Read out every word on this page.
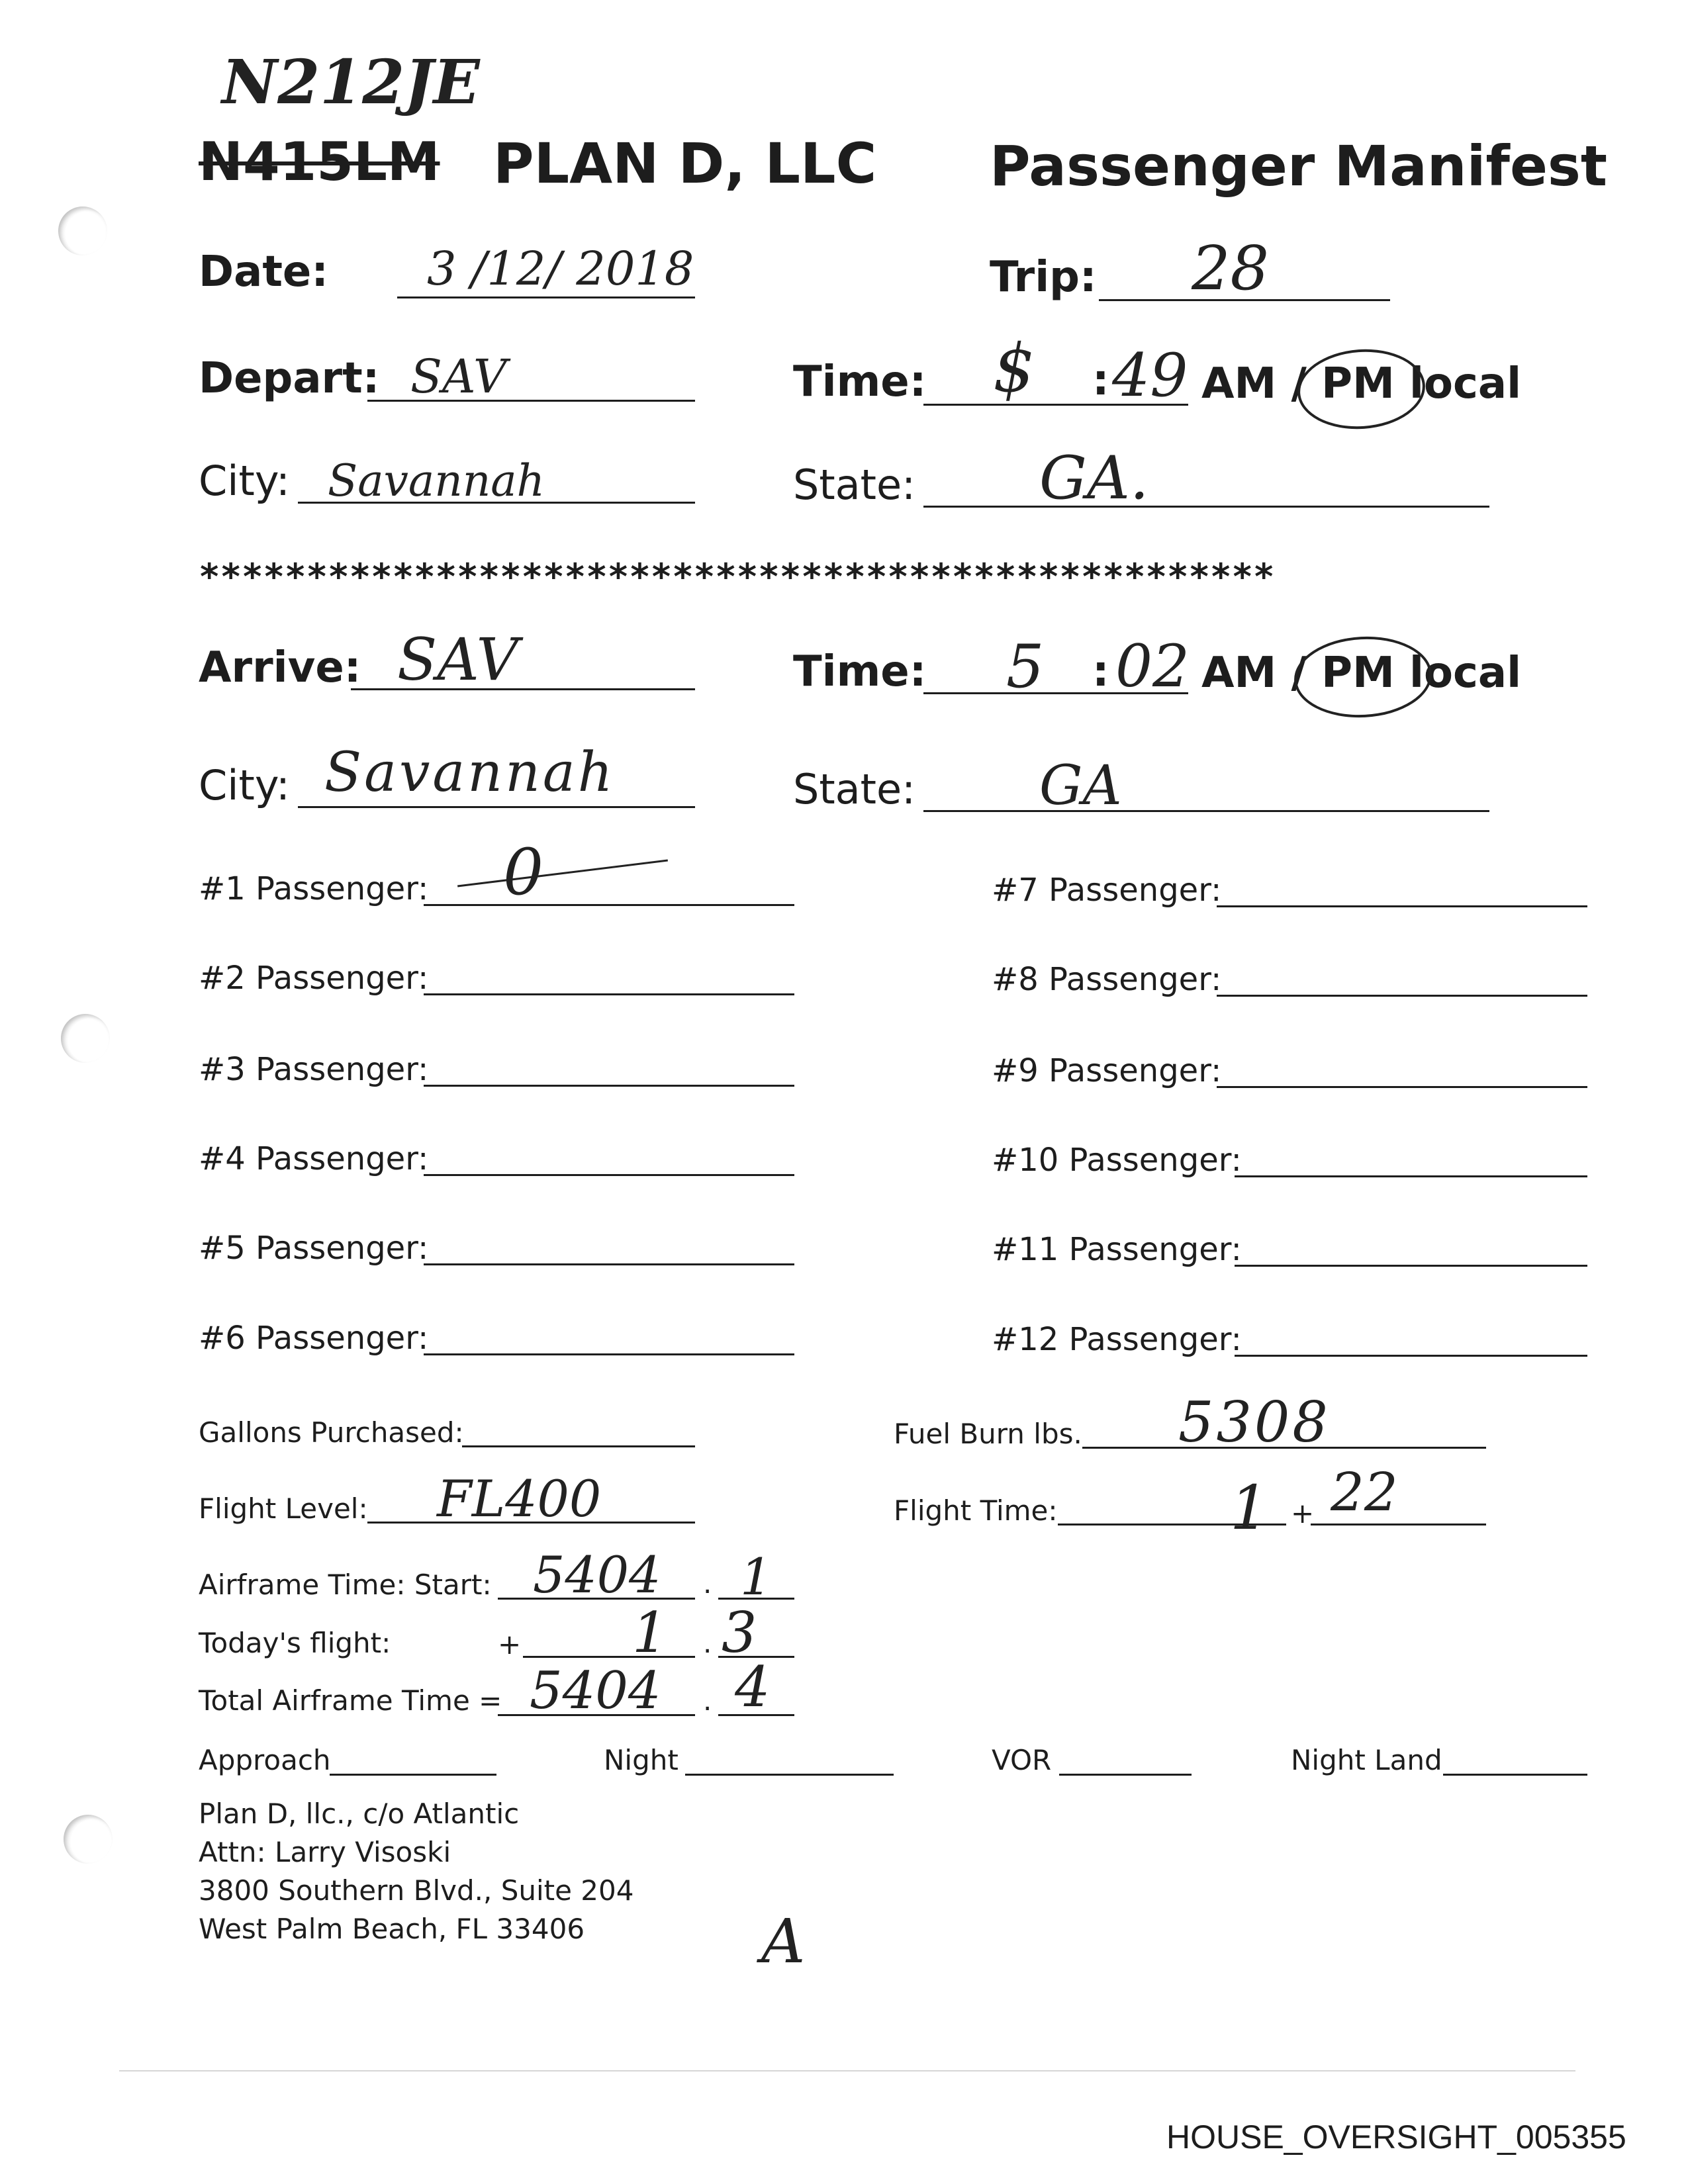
N212JE
N415LM PLAN D, LLC Passenger Manifest
Date: 3 /12/ 2018	Trip: 28
Depart: SAV	Time: $ : 49 AM / PM local
City: Savannah	State: GA.
**************************************************
Arrive: SAV	Time: 5 : 02 AM / PM local
City: Savannah	State: GA
#1 Passenger: 0
#2 Passenger:
#3 Passenger:
#4 Passenger:
#5 Passenger:
#6 Passenger:
#7 Passenger:
#8 Passenger:
#9 Passenger:
#10 Passenger:
#11 Passenger:
#12 Passenger:
Gallons Purchased:	Fuel Burn lbs. 5308
Flight Level: FL400	Flight Time:	1 + 22
Airframe Time: Start: 5404 . 1
Today's flight:	+ 1 . 3
Total Airframe Time = 5404 . 4
Approach	Night	VOR	Night Land
Plan D, llc., c/o Atlantic
Attn: Larry Visoski
3800 Southern Blvd., Suite 204
West Palm Beach, FL 33406	A
HOUSE_OVERSIGHT_005355
